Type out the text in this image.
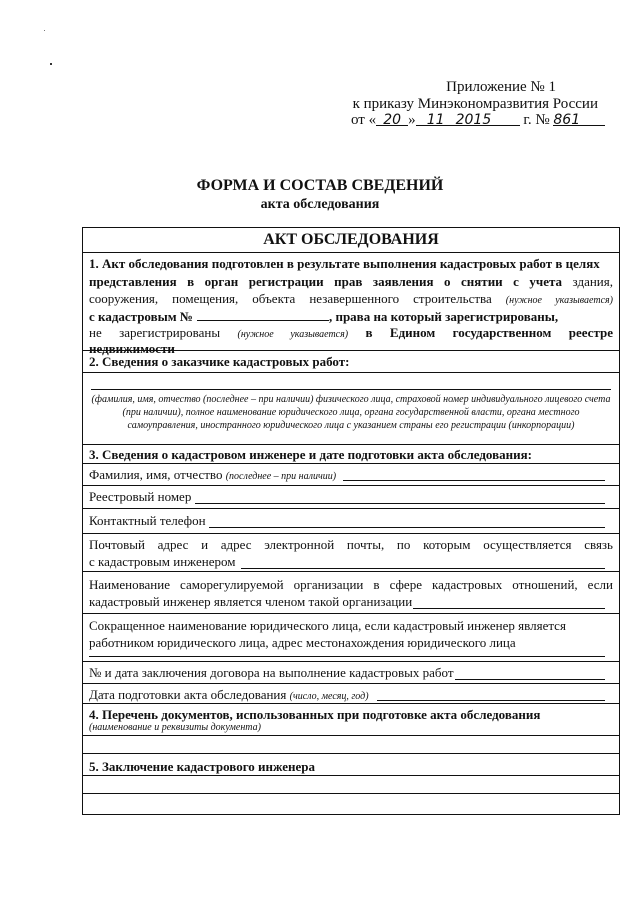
Приложение № 1
к приказу Минэкономразвития России
от « 20 » 11 2015 г. № 861
ФОРМА И СОСТАВ СВЕДЕНИЙ
акта обследования
АКТ ОБСЛЕДОВАНИЯ
1. Акт обследования подготовлен в результате выполнения кадастровых работ в целях
представления в орган регистрации прав заявления о снятии с учета здания,
сооружения, помещения, объекта незавершенного строительства (нужное указывается)
с кадастровым №	, права на который зарегистрированы,
не зарегистрированы (нужное указывается) в Едином государственном реестре
недвижимости
2. Сведения о заказчике кадастровых работ:
(фамилия, имя, отчество (последнее – при наличии) физического лица, страховой номер индивидуального лицевого счета (при наличии), полное наименование юридического лица, органа государственной власти, органа местного самоуправления, иностранного юридического лица с указанием страны его регистрации (инкорпорации)
3. Сведения о кадастровом инженере и дате подготовки акта обследования:
Фамилия, имя, отчество (последнее – при наличии)
Реестровый номер
Контактный телефон
Почтовый адрес и адрес электронной почты, по которым осуществляется связь
с кадастровым инженером
Наименование саморегулируемой организации в сфере кадастровых отношений, если
кадастровый инженер является членом такой организации
Сокращенное наименование юридического лица, если кадастровый инженер является
работником юридического лица, адрес местонахождения юридического лица
№ и дата заключения договора на выполнение кадастровых работ
Дата подготовки акта обследования (число, месяц, год)
4. Перечень документов, использованных при подготовке акта обследования
(наименование и реквизиты документа)
5. Заключение кадастрового инженера
